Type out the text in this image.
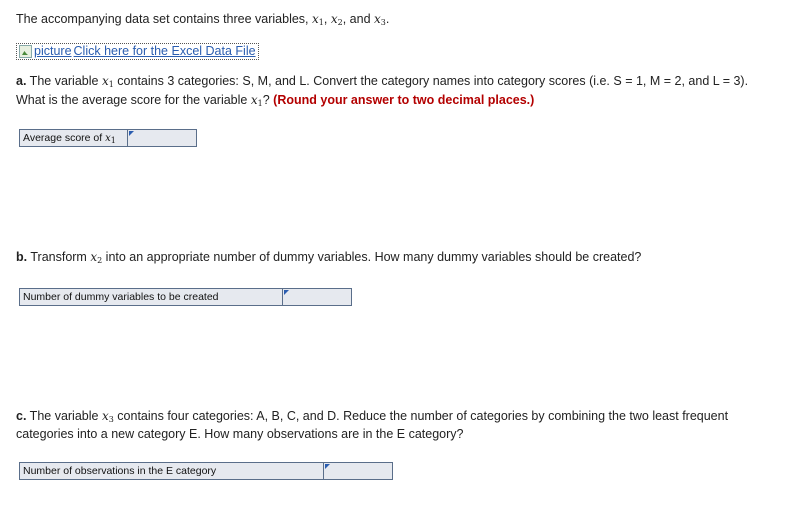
The accompanying data set contains three variables, $x_1$, $x_2$, and $x_3$.
picture Click here for the Excel Data File
a. The variable $x_1$ contains 3 categories: S, M, and L. Convert the category names into category scores (i.e. S = 1, M = 2, and L = 3).
What is the average score for the variable $x_1$? (Round your answer to two decimal places.)
Average score of $x_1$
b. Transform $x_2$ into an appropriate number of dummy variables. How many dummy variables should be created?
Number of dummy variables to be created
c. The variable $x_3$ contains four categories: A, B, C, and D. Reduce the number of categories by combining the two least frequent
categories into a new category E. How many observations are in the E category?
Number of observations in the E category
